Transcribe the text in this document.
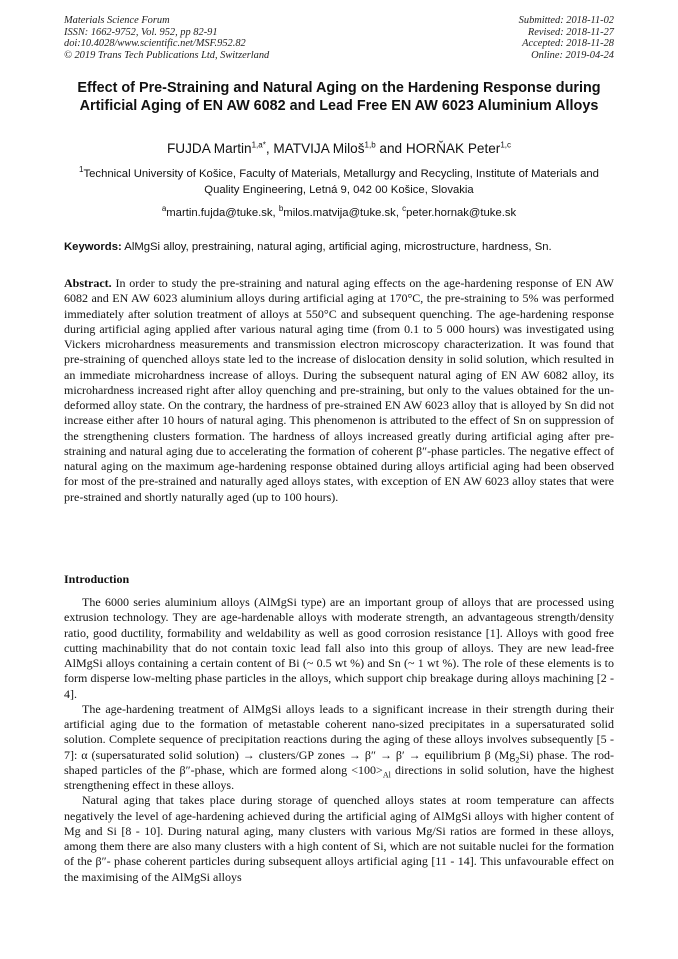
Materials Science Forum
ISSN: 1662-9752, Vol. 952, pp 82-91
doi:10.4028/www.scientific.net/MSF.952.82
© 2019 Trans Tech Publications Ltd, Switzerland
Submitted: 2018-11-02
Revised: 2018-11-27
Accepted: 2018-11-28
Online: 2019-04-24
Effect of Pre-Straining and Natural Aging on the Hardening Response during Artificial Aging of EN AW 6082 and Lead Free EN AW 6023 Aluminium Alloys
FUJDA Martin$^{1,a*}$, MATVIJA Miloš$^{1,b}$ and HORŇAK Peter$^{1,c}$
$^1$Technical University of Košice, Faculty of Materials, Metallurgy and Recycling, Institute of Materials and Quality Engineering, Letná 9, 042 00 Košice, Slovakia
$^a$martin.fujda@tuke.sk, $^b$milos.matvija@tuke.sk, $^c$peter.hornak@tuke.sk
Keywords: AlMgSi alloy, prestraining, natural aging, artificial aging, microstructure, hardness, Sn.
Abstract. In order to study the pre-straining and natural aging effects on the age-hardening response of EN AW 6082 and EN AW 6023 aluminium alloys during artificial aging at 170°C, the pre-straining to 5% was performed immediately after solution treatment of alloys at 550°C and subsequent quenching. The age-hardening response during artificial aging applied after various natural aging time (from 0.1 to 5 000 hours) was investigated using Vickers microhardness measurements and transmission electron microscopy characterization. It was found that pre-straining of quenched alloys state led to the increase of dislocation density in solid solution, which resulted in an immediate microhardness increase of alloys. During the subsequent natural aging of EN AW 6082 alloy, its microhardness increased right after alloy quenching and pre-straining, but only to the values obtained for the un-deformed alloy state. On the contrary, the hardness of pre-strained EN AW 6023 alloy that is alloyed by Sn did not increase either after 10 hours of natural aging. This phenomenon is attributed to the effect of Sn on suppression of the strengthening clusters formation. The hardness of alloys increased greatly during artificial aging after pre-straining and natural aging due to accelerating the formation of coherent β″-phase particles. The negative effect of natural aging on the maximum age-hardening response obtained during alloys artificial aging had been observed for most of the pre-strained and naturally aged alloys states, with exception of EN AW 6023 alloy states that were pre-strained and shortly naturally aged (up to 100 hours).
Introduction

The 6000 series aluminium alloys (AlMgSi type) are an important group of alloys that are processed using extrusion technology. They are age-hardenable alloys with moderate strength, an advantageous strength/density ratio, good ductility, formability and weldability as well as good corrosion resistance [1]. Alloys with good free cutting machinability that do not contain toxic lead fall also into this group of alloys. They are new lead-free AlMgSi alloys containing a certain content of Bi (~ 0.5 wt %) and Sn (~ 1 wt %). The role of these elements is to form disperse low-melting phase particles in the alloys, which support chip breakage during alloys machining [2 - 4].

The age-hardening treatment of AlMgSi alloys leads to a significant increase in their strength during their artificial aging due to the formation of metastable coherent nano-sized precipitates in a supersaturated solid solution. Complete sequence of precipitation reactions during the aging of these alloys involves subsequently [5 - 7]: α (supersaturated solid solution) → clusters/GP zones → β″ → β′ → equilibrium β $(Mg_2Si)$ phase. The rod-shaped particles of the β″-phase, which are formed along $<100>_{Al}$ directions in solid solution, have the highest strengthening effect in these alloys.

Natural aging that takes place during storage of quenched alloys states at room temperature can affects negatively the level of age-hardening achieved during the artificial aging of AlMgSi alloys with higher content of Mg and Si [8 - 10]. During natural aging, many clusters with various Mg/Si ratios are formed in these alloys, among them there are also many clusters with a high content of Si, which are not suitable nuclei for the formation of the β″- phase coherent particles during subsequent alloys artificial aging [11 - 14]. This unfavourable effect on the maximising of the AlMgSi alloys
